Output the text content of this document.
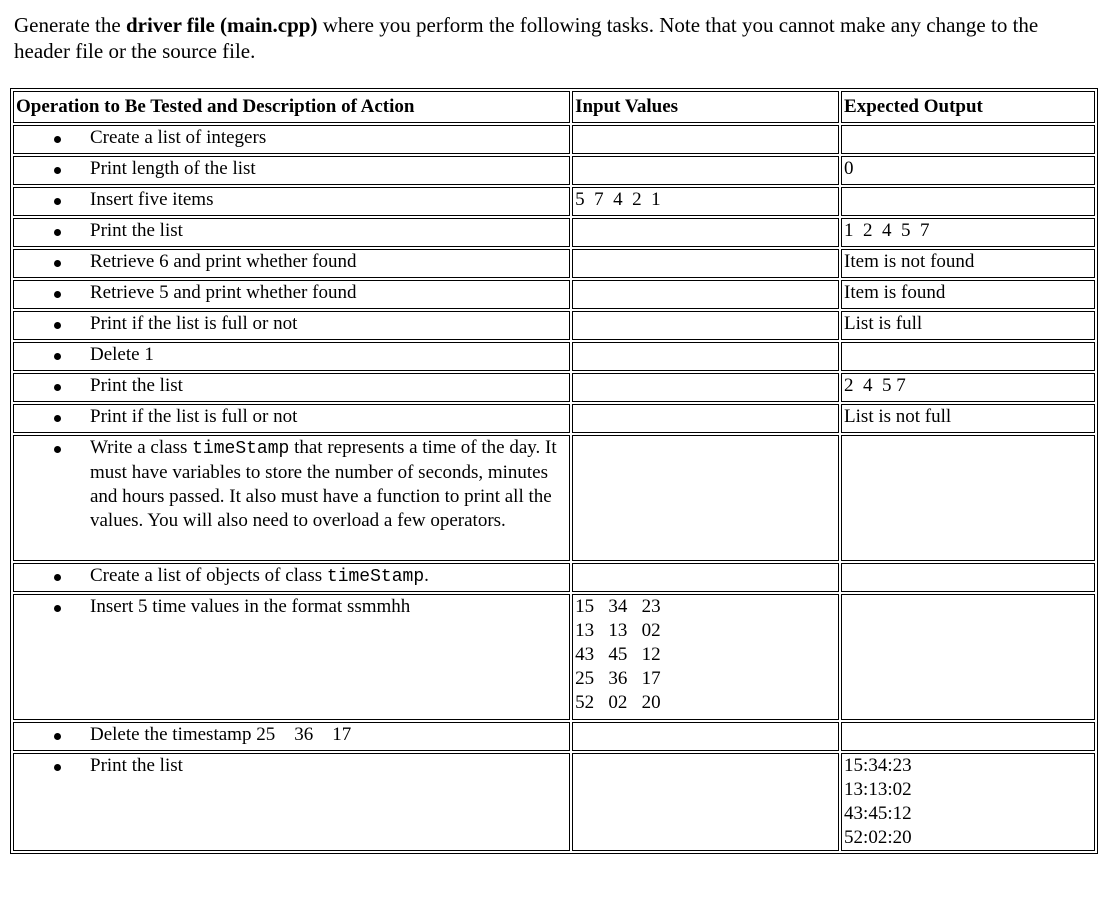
Generate the driver file (main.cpp) where you perform the following tasks. Note that you cannot make any change to the header file or the source file.
Operation to Be Tested and Description of Action	Input Values	Expected Output

Create a list of integers		

Print length of the list		0

Insert five items	5  7  4  2  1	

Print the list		1  2  4  5  7

Retrieve 6 and print whether found		Item is not found

Retrieve 5 and print whether found		Item is found

Print if the list is full or not		List is full

Delete 1		

Print the list		2  4  5 7

Print if the list is full or not		List is not full

Write a class timeStamp that represents a time of the day. It must have variables to store the number of seconds, minutes and hours passed. It also must have a function to print all the values. You will also need to overload a few operators.		

Create a list of objects of class timeStamp.		

Insert 5 time values in the format ssmmhh	15   34   23
13   13   02
43   45   12
25   36   17
52   02   20	

Delete the timestamp 25    36    17		

Print the list		15:34:23
13:13:02
43:45:12
52:02:20
